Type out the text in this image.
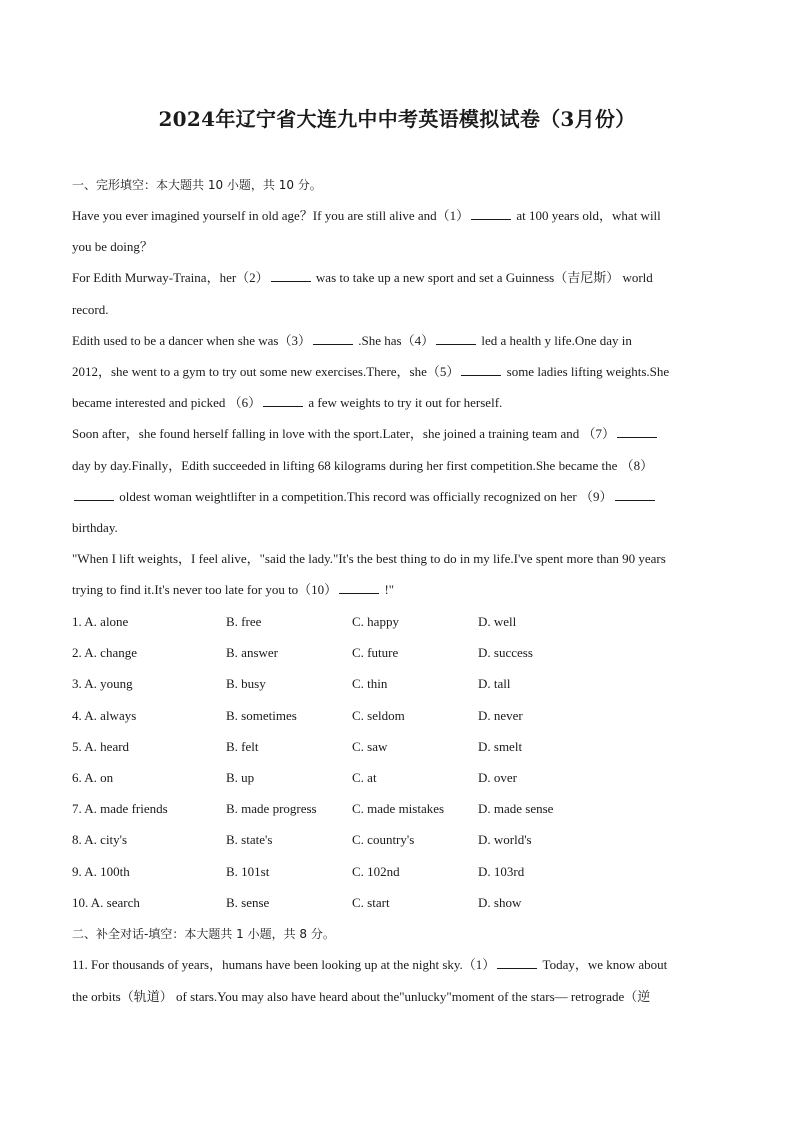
2024年辽宁省大连九中中考英语模拟试卷（3月份）
一、完形填空：本大题共 10 小题，共 10 分。
Have you ever imagined yourself in old age？If you are still alive and（1）	at 100 years old，what will
you be doing？
For Edith Murway-Traina，her（2）	was to take up a new sport and set a Guinness（吉尼斯） world
record.
Edith used to be a dancer when she was（3）	.She has（4）	led a health y life.One day in
2012，she went to a gym to try out some new exercises.There，she（5）	some ladies lifting weights.She
became interested and picked （6）	a few weights to try it out for herself.
Soon after，she found herself falling in love with the sport.Later，she joined a training team and （7）
day by day.Finally，Edith succeeded in lifting 68 kilograms during her first competition.She became the （8）
oldest woman weightlifter in a competition.This record was officially recognized on her （9）
birthday.
"When I lift weights，I feel alive，"said the lady."It's the best thing to do in my life.I've spent more than 90 years
trying to find it.It's never too late for you to（10）	!"
1. A. alone	B. free	C. happy	D. well
2. A. change	B. answer	C. future	D. success
3. A. young	B. busy	C. thin	D. tall
4. A. always	B. sometimes	C. seldom	D. never
5. A. heard	B. felt	C. saw	D. smelt
6. A. on	B. up	C. at	D. over
7. A. made friends	B. made progress	C. made mistakes	D. made sense
8. A. city's	B. state's	C. country's	D. world's
9. A. 100th	B. 101st	C. 102nd	D. 103rd
10. A. search	B. sense	C. start	D. show
二、补全对话-填空：本大题共 1 小题，共 8 分。
11. For thousands of years，humans have been looking up at the night sky.（1）	Today，we know about
the orbits（轨道） of stars.You may also have heard about the"unlucky"moment of the stars— retrograde（逆
